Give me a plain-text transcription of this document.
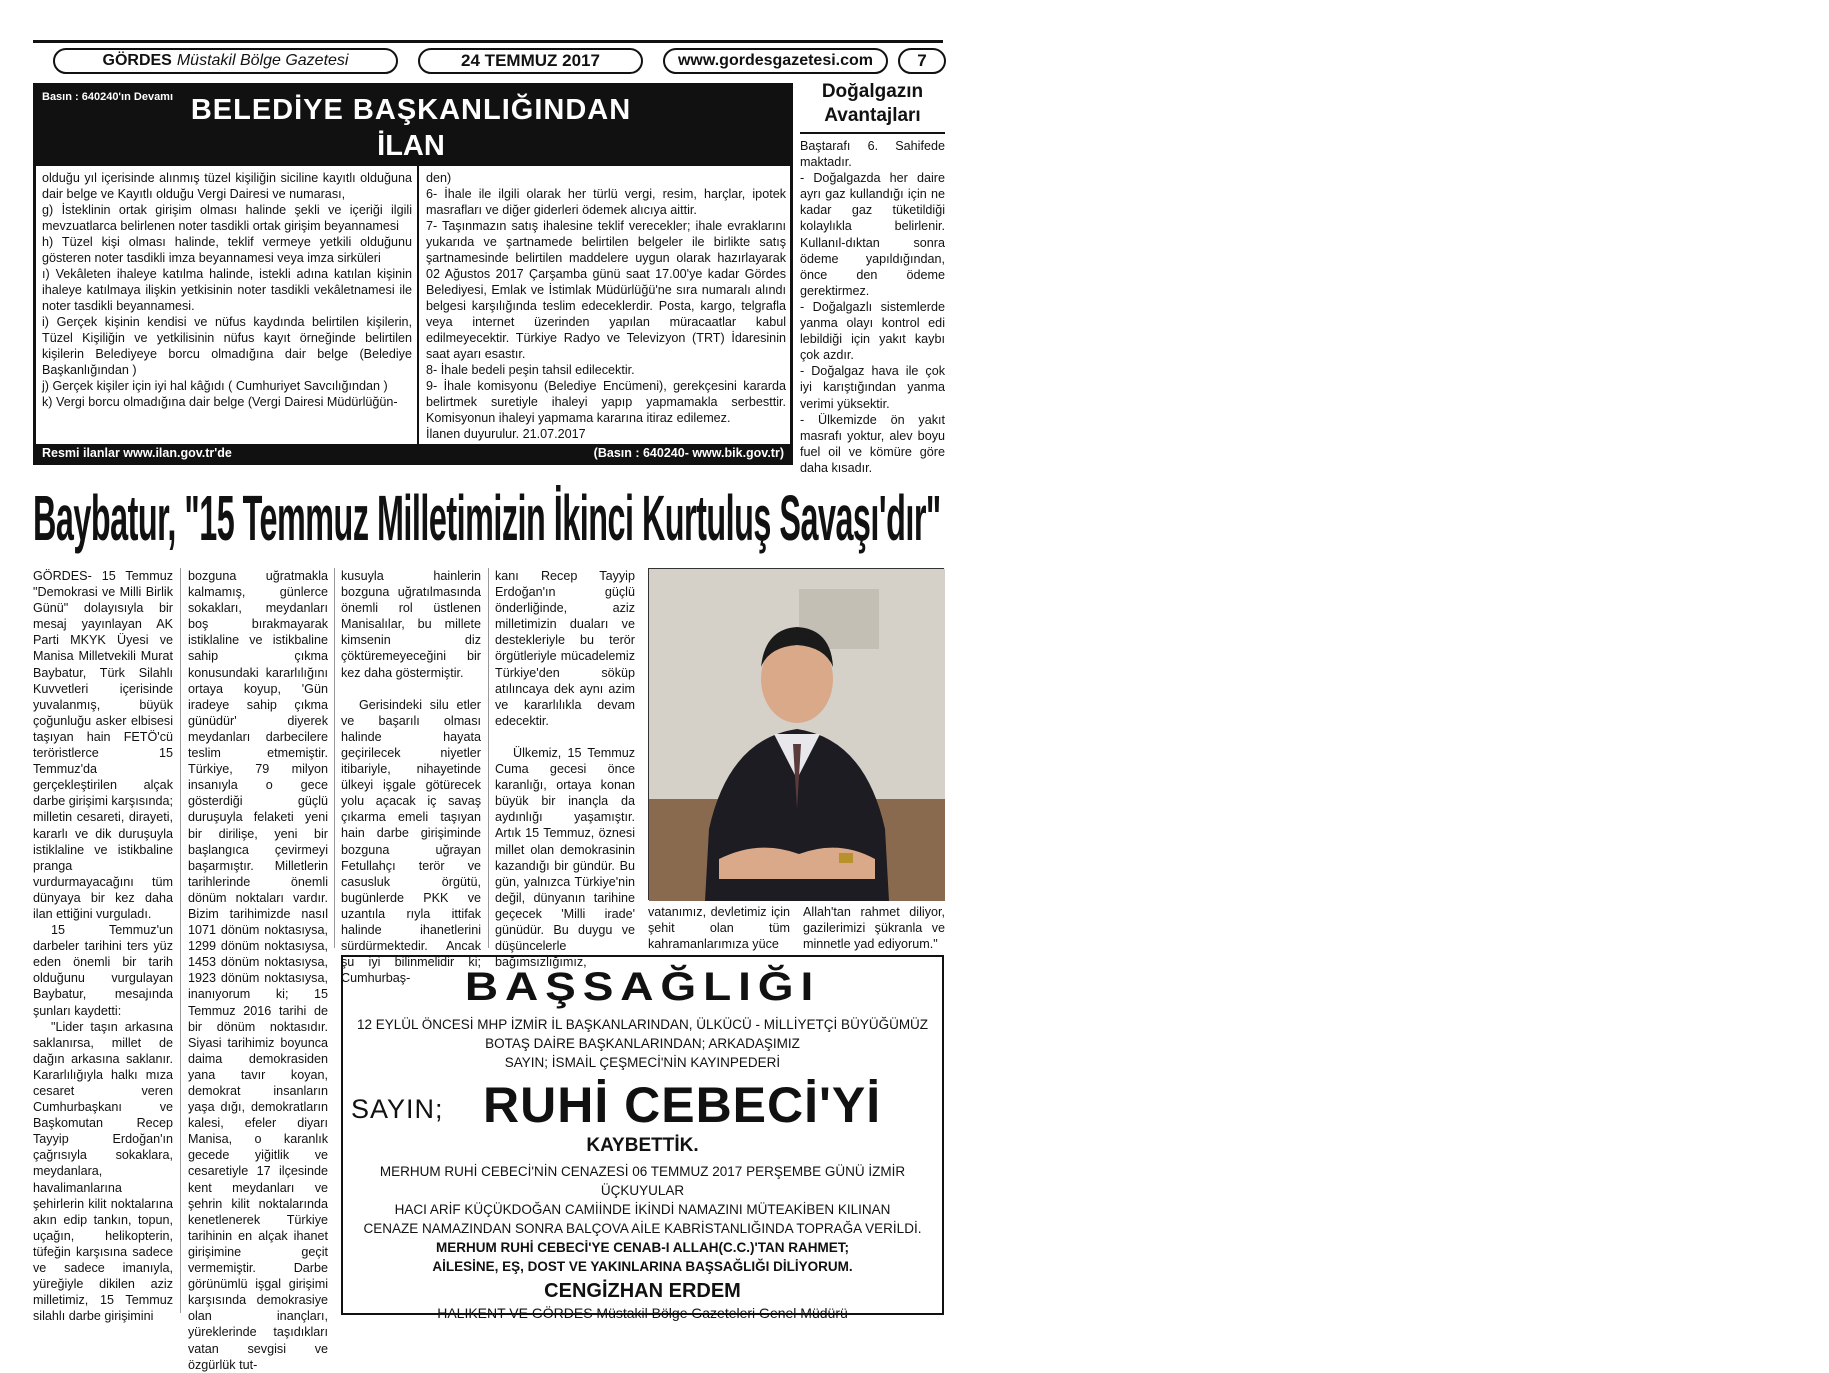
GÖRDES Müstakil Bölge Gazetesi	24 TEMMUZ 2017	www.gordesgazetesi.com	7
Basın : 640240'ın Devamı BELEDİYE BAŞKANLIĞINDAN
İLAN

olduğu yıl içerisinde alınmış tüzel kişiliğin siciline kayıtlı olduğuna dair belge ve Kayıtlı olduğu Vergi Dairesi ve numarası,

g) İsteklinin ortak girişim olması halinde şekli ve içeriği ilgili mevzuatlarca belirlenen noter tasdikli ortak girişim beyannamesi

h) Tüzel kişi olması halinde, teklif vermeye yetkili olduğunu gösteren noter tasdikli imza beyannamesi veya imza sirküleri

ı) Vekâleten ihaleye katılma halinde, istekli adına katılan kişinin ihaleye katılmaya ilişkin yetkisinin noter tasdikli vekâletnamesi ile noter tasdikli beyannamesi.

i) Gerçek kişinin kendisi ve nüfus kaydında belirtilen kişilerin, Tüzel Kişiliğin ve yetkilisinin nüfus kayıt örneğinde belirtilen kişilerin Belediyeye borcu olmadığına dair belge (Belediye Başkanlığından )

j) Gerçek kişiler için iyi hal kâğıdı ( Cumhuriyet Savcılığından )

k) Vergi borcu olmadığına dair belge (Vergi Dairesi Müdürlüğün-

den)

6- İhale ile ilgili olarak her türlü vergi, resim, harçlar, ipotek masrafları ve diğer giderleri ödemek alıcıya aittir.

7- Taşınmazın satış ihalesine teklif verecekler; ihale evraklarını yukarıda ve şartnamede belirtilen belgeler ile birlikte satış şartnamesinde belirtilen maddelere uygun olarak hazırlayarak 02 Ağustos 2017 Çarşamba günü saat 17.00'ye kadar Gördes Belediyesi, Emlak ve İstimlak Müdürlüğü'ne sıra numaralı alındı belgesi karşılığında teslim edeceklerdir. Posta, kargo, telgrafla veya internet üzerinden yapılan müracaatlar kabul edilmeyecektir. Türkiye Radyo ve Televizyon (TRT) İdaresinin saat ayarı esastır.

8- İhale bedeli peşin tahsil edilecektir.

9- İhale komisyonu (Belediye Encümeni), gerekçesini kararda belirtmek suretiyle ihaleyi yapıp yapmamakla serbesttir. Komisyonun ihaleyi yapmama kararına itiraz edilemez.

İlanen duyurulur. 21.07.2017

Resmi ilanlar www.ilan.gov.tr'de	(Basın : 640240- www.bik.gov.tr)
Doğalgazın
Avantajları

Baştarafı 6. Sahifede maktadır.

- Doğalgazda her daire ayrı gaz kullandığı için ne kadar gaz tüketildiği kolaylıkla belirlenir. Kullanıl-dıktan sonra ödeme yapıldığından, önce den ödeme gerektirmez.

- Doğalgazlı sistemlerde yanma olayı kontrol edi lebildiği için yakıt kaybı çok azdır.

- Doğalgaz hava ile çok iyi karıştığından yanma verimi yüksektir.

- Ülkemizde ön yakıt masrafı yoktur, alev boyu fuel oil ve kömüre göre daha kısadır.

Baybatur, "15 Temmuz Milletimizin İkinci Kurtuluş Savaşı'dır"

GÖRDES- 15 Temmuz "Demokrasi ve Milli Birlik Günü" dolayısıyla bir mesaj yayınlayan AK Parti MKYK Üyesi ve Manisa Milletvekili Murat Baybatur, Türk Silahlı Kuvvetleri içerisinde yuvalanmış, büyük çoğunluğu asker elbisesi taşıyan hain FETÖ'cü teröristlerce 15 Temmuz'da gerçekleştirilen alçak darbe girişimi karşısında; milletin cesareti, dirayeti, kararlı ve dik duruşuyla istiklaline ve istikbaline pranga vurdurmayacağını tüm dünyaya bir kez daha ilan ettiğini vurguladı.

15 Temmuz'un darbeler tarihini ters yüz eden önemli bir tarih olduğunu vurgulayan Baybatur, mesajında şunları kaydetti:

"Lider taşın arkasına saklanırsa, millet de dağın arkasına saklanır. Kararlılığıyla halkı mıza cesaret veren Cumhurbaşkanı ve Başkomutan Recep Tayyip Erdoğan'ın çağrısıyla sokaklara, meydanlara, havalimanlarına şehirlerin kilit noktalarına akın edip tankın, topun, uçağın, helikopterin, tüfeğin karşısına sadece ve sadece imanıyla, yüreğiyle dikilen aziz milletimiz, 15 Temmuz silahlı darbe girişimini

bozguna uğratmakla kalmamış, günlerce sokakları, meydanları boş bırakmayarak istiklaline ve istikbaline sahip çıkma konusundaki kararlılığını ortaya koyup, 'Gün iradeye sahip çıkma günüdür' diyerek meydanları darbecilere teslim etmemiştir. Türkiye, 79 milyon insanıyla o gece gösterdiği güçlü duruşuyla felaketi yeni bir dirilişe, yeni bir başlangıca çevirmeyi başarmıştır. Milletlerin tarihlerinde önemli dönüm noktaları vardır. Bizim tarihimizde nasıl 1071 dönüm noktasıysa, 1299 dönüm noktasıysa, 1453 dönüm noktasıysa, 1923 dönüm noktasıysa, inanıyorum ki; 15 Temmuz 2016 tarihi de bir dönüm noktasıdır. Siyasi tarihimiz boyunca daima demokrasiden yana tavır koyan, demokrat insanların yaşa dığı, demokratların kalesi, efeler diyarı Manisa, o karanlık gecede yiğitlik ve cesaretiyle 17 ilçesinde kent meydanları ve şehrin kilit noktalarında kenetlenerek Türkiye tarihinin en alçak ihanet girişimine geçit vermemiştir. Darbe görünümlü işgal girişimi karşısında demokrasiye olan inançları, yüreklerinde taşıdıkları vatan sevgisi ve özgürlük tut-

kusuyla hainlerin bozguna uğratılmasında önemli rol üstlenen Manisalılar, bu millete kimsenin diz çöktüremeyeceğini bir kez daha göstermiştir.

Gerisindeki silu etler ve başarılı olması halinde hayata geçirilecek niyetler itibariyle, nihayetinde ülkeyi işgale götürecek yolu açacak iç savaş çıkarma emeli taşıyan hain darbe girişiminde bozguna uğrayan Fetullahçı terör ve casusluk örgütü, bugünlerde PKK ve uzantıla rıyla ittifak halinde ihanetlerini sürdürmektedir. Ancak şu iyi bilinmelidir ki; Cumhurbaş-

kanı Recep Tayyip Erdoğan'ın güçlü önderliğinde, aziz milletimizin duaları ve destekleriyle bu terör örgütleriyle mücadelemiz Türkiye'den söküp atılıncaya dek aynı azim ve kararlılıkla devam edecektir.

Ülkemiz, 15 Temmuz Cuma gecesi önce karanlığı, ortaya konan büyük bir inançla da aydınlığı yaşamıştır. Artık 15 Temmuz, öznesi millet olan demokrasinin kazandığı bir gündür. Bu gün, yalnızca Türkiye'nin değil, dünyanın tarihine geçecek 'Milli irade' günüdür. Bu duygu ve düşüncelerle bağımsızlığımız,

vatanımız, devletimiz için şehit olan tüm kahramanlarımıza yüce

Allah'tan rahmet diliyor, gazilerimizi şükranla ve minnetle yad ediyorum."

BAŞSAĞLIĞI
12 EYLÜL ÖNCESİ MHP İZMİR İL BAŞKANLARINDAN, ÜLKÜCÜ - MİLLİYETÇİ BÜYÜĞÜMÜZ
BOTAŞ DAİRE BAŞKANLARINDAN; ARKADAŞIMIZ
SAYIN; İSMAİL ÇEŞMECİ'NİN KAYINPEDERİ
SAYIN; RUHİ CEBECİ'Yİ
KAYBETTİK.
MERHUM RUHİ CEBECİ'NİN CENAZESİ 06 TEMMUZ 2017 PERŞEMBE GÜNÜ İZMİR ÜÇKUYULAR
HACI ARİF KÜÇÜKDOĞAN CAMİİNDE İKİNDİ NAMAZINI MÜTEAKİBEN KILINAN
CENAZE NAMAZINDAN SONRA BALÇOVA AİLE KABRİSTANLIĞINDA TOPRAĞA VERİLDİ.
MERHUM RUHİ CEBECİ'YE CENAB-I ALLAH(C.C.)'TAN RAHMET;
AİLESİNE, EŞ, DOST VE YAKINLARINA BAŞSAĞLIĞI DİLİYORUM.
CENGİZHAN ERDEM
HALIKENT VE GÖRDES Müstakil Bölge Gazeteleri Genel Müdürü
